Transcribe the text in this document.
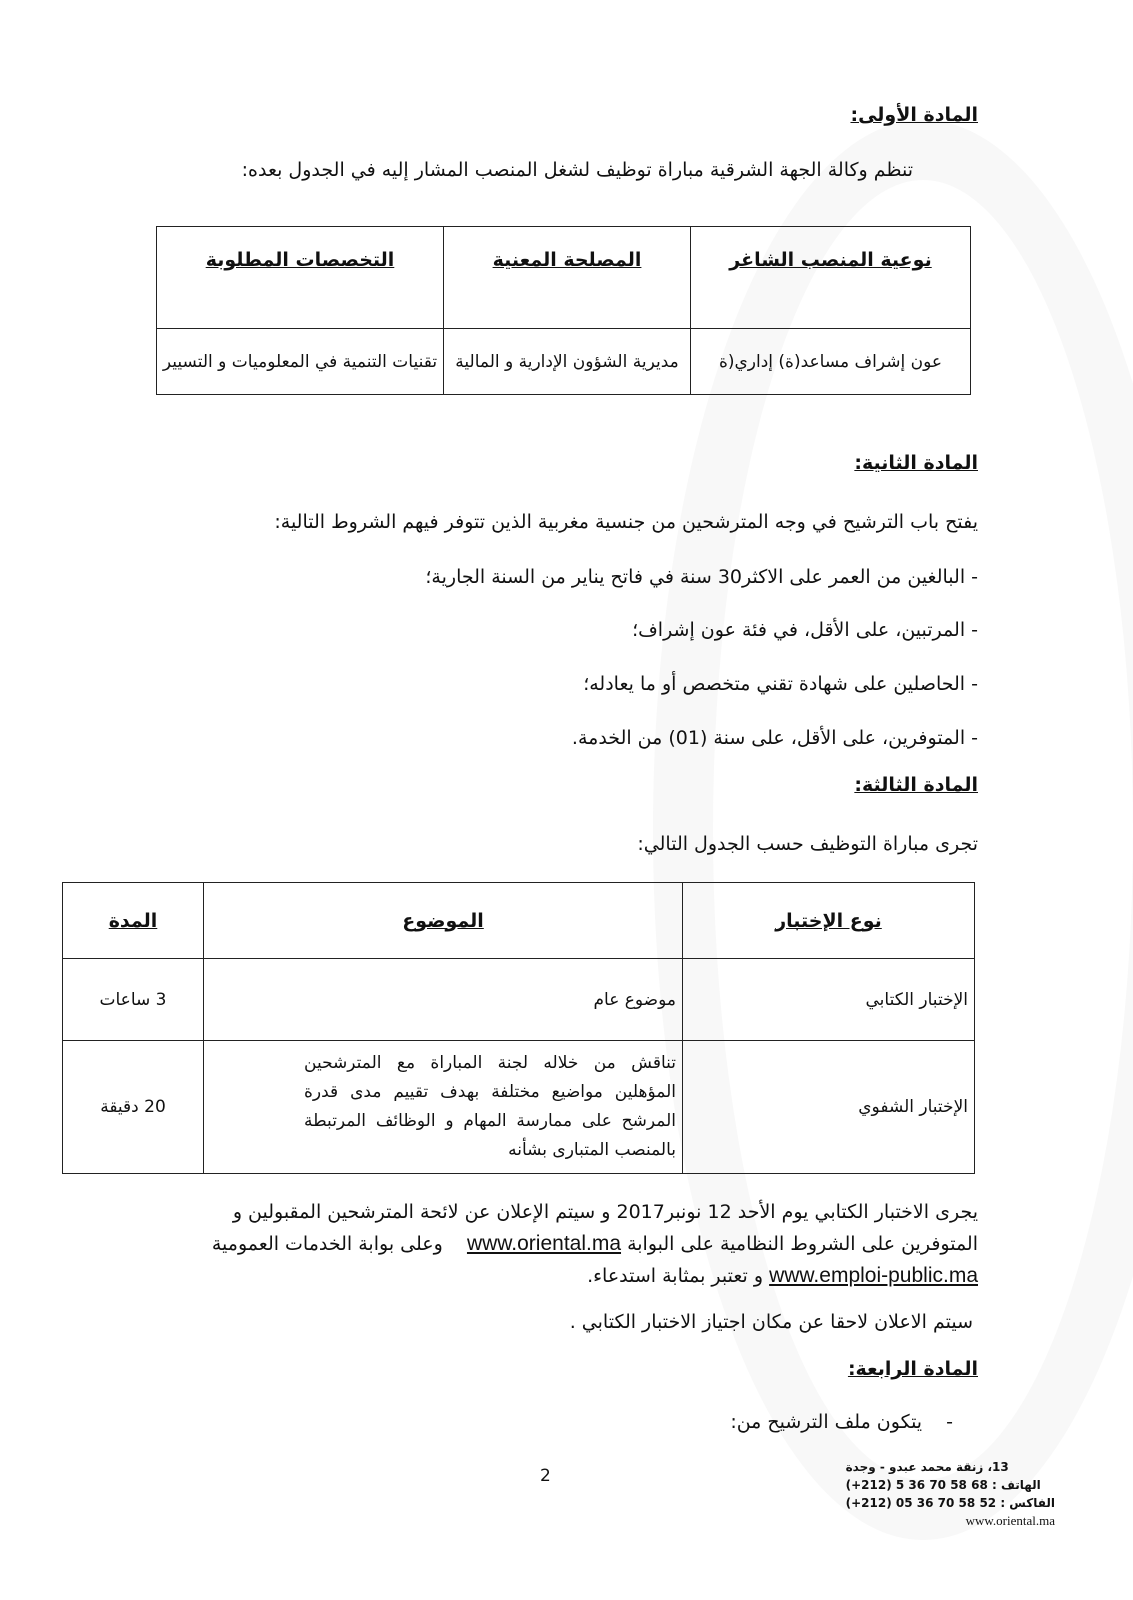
المادة الأولى:
تنظم وكالة الجهة الشرقية مباراة توظيف لشغل المنصب المشار إليه في الجدول بعده:
نوعية المنصب الشاغر	المصلحة المعنية	التخصصات المطلوبة
عون إشراف مساعد(ة) إداري(ة	مديرية الشؤون الإدارية و المالية	تقنيات التنمية في المعلوميات و التسيير
المادة الثانية:
يفتح باب الترشيح في وجه المترشحين من جنسية مغربية الذين تتوفر فيهم الشروط التالية:
- البالغين من العمر على الاكثر30 سنة في فاتح يناير من السنة الجارية؛
- المرتبين، على الأقل، في فئة عون إشراف؛
- الحاصلين على شهادة تقني متخصص أو ما يعادله؛
- المتوفرين، على الأقل، على سنة (01) من الخدمة.
المادة الثالثة:
تجرى مباراة التوظيف حسب الجدول التالي:
نوع الإختبار	الموضوع	المدة
الإختبار الكتابي	موضوع عام	3 ساعات
الإختبار الشفوي	تناقش من خلاله لجنة المباراة مع المترشحين المؤهلين مواضيع مختلفة بهدف تقييم مدى قدرة المرشح على ممارسة المهام و الوظائف المرتبطة بالمنصب المتبارى بشأنه	20 دقيقة
يجرى الاختبار الكتابي يوم الأحد 12 نونبر2017 و سيتم الإعلان عن لائحة المترشحين المقبولين و
المتوفرين على الشروط النظامية على البوابة www.oriental.ma    وعلى بوابة الخدمات العمومية
www.emploi-public.ma و تعتبر بمثابة استدعاء.
سيتم الاعلان لاحقا عن مكان اجتياز الاختبار الكتابي .
المادة الرابعة:
- يتكون ملف الترشيح من:
2	13، زنقة محمد عبدو - وجدة
الهاتف : 68 58 70 36 5 (212+)
الفاكس : 52 58 70 36 05 (212+)
www.oriental.ma
